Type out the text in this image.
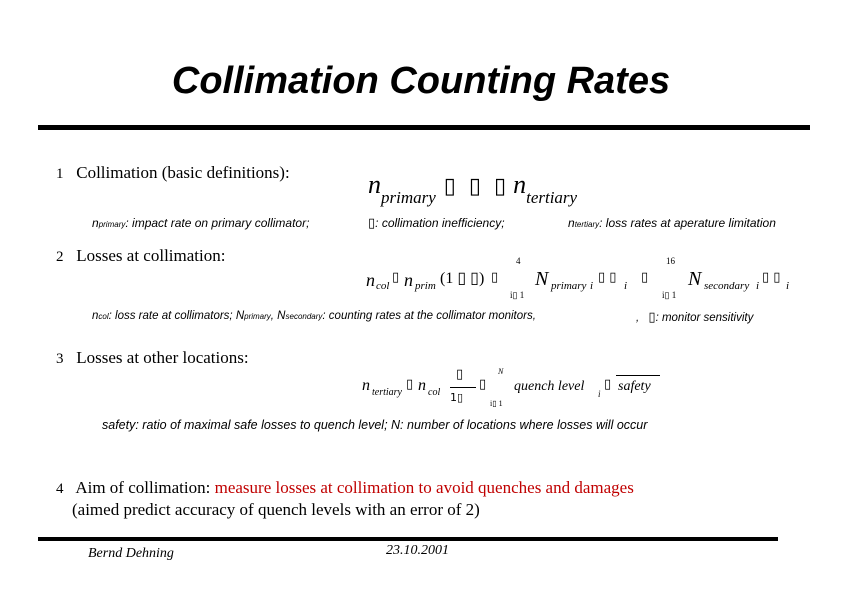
Collimation Counting Rates
1 Collimation (basic definitions):	nprimary ▯ ▯ ▯ ntertiary
nprimary: impact rate on primary collimator;	▯: collimation inefficiency;	ntertiary: loss rates at aperature limitation
2 Losses at collimation:
n col
▯ n prim (1 ▯ ▯) ▯
4
N primary i
▯ ▯
i
i▯ 1
▯
16
N secondary i
▯ ▯
i
i▯ 1
ncol: loss rate at collimators; Nprimary, Nsecondary: counting rates at the collimator monitors,	, ▯: monitor sensitivity
3 Losses at other locations:
n tertiary
▯ n col
▯
1▯
N
i▯ 1
▯ quench level i
▯ safety
safety: ratio of maximal safe losses to quench level; N: number of locations where losses will occur
4 Aim of collimation: measure losses at collimation to avoid quenches and damages
(aimed predict accuracy of quench levels with an error of 2)
Bernd Dehning	23.10.2001
